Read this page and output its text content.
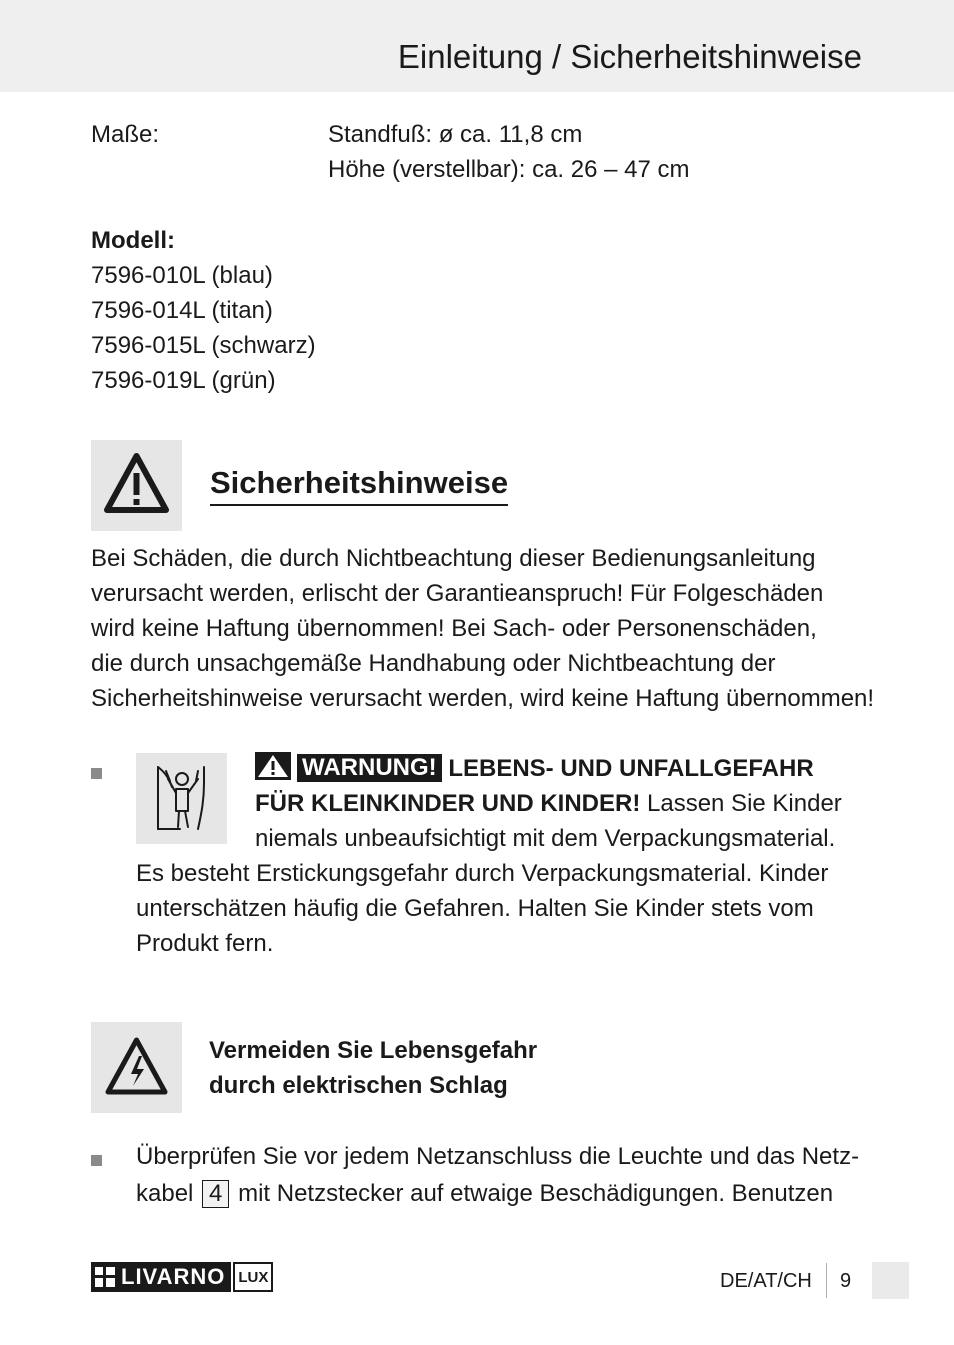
Einleitung / Sicherheitshinweise
Maße:	Standfuß: ø ca. 11,8 cm
Höhe (verstellbar): ca. 26 – 47 cm
Modell:
7596-010L (blau)
7596-014L (titan)
7596-015L (schwarz)
7596-019L (grün)
Sicherheitshinweise
Bei Schäden, die durch Nichtbeachtung dieser Bedienungsanleitung
verursacht werden, erlischt der Garantieanspruch! Für Folgeschäden
wird keine Haftung übernommen! Bei Sach- oder Personenschäden,
die durch unsachgemäße Handhabung oder Nichtbeachtung der
Sicherheitshinweise verursacht werden, wird keine Haftung übernommen!
WARNUNG! LEBENS- UND UNFALLGEFAHR
FÜR KLEINKINDER UND KINDER! Lassen Sie Kinder
niemals unbeaufsichtigt mit dem Verpackungsmaterial.
Es besteht Erstickungsgefahr durch Verpackungsmaterial. Kinder
unterschätzen häufig die Gefahren. Halten Sie Kinder stets vom
Produkt fern.
Vermeiden Sie Lebensgefahr
durch elektrischen Schlag
Überprüfen Sie vor jedem Netzanschluss die Leuchte und das Netz-
kabel 4 mit Netzstecker auf etwaige Beschädigungen. Benutzen
LIVARNO LUX	DE/AT/CH 9
